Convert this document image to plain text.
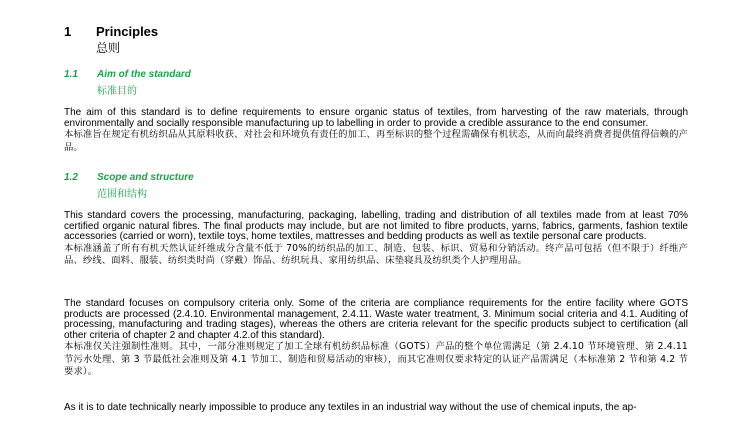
1 Principles
总则
1.1 Aim of the standard
标准目的

The aim of this standard is to define requirements to ensure organic status of textiles, from harvesting of the raw materials, through environmentally and socially responsible manufacturing up to labelling in order to provide a credible assurance to the end consumer.

本标准旨在规定有机纺织品从其原料收获、对社会和环境负有责任的加工、再至标识的整个过程需确保有机状态，从而向最终消费者提供值得信赖的产品。

1.2 Scope and structure
范围和结构

This standard covers the processing, manufacturing, packaging, labelling, trading and distribution of all textiles made from at least 70% certified organic natural fibres. The final products may include, but are not limited to fibre products, yarns, fabrics, garments, fashion textile accessories (carried or worn), textile toys, home textiles, mattresses and bedding products as well as textile personal care products.

本标准涵盖了所有有机天然认证纤维成分含量不低于 70%的纺织品的加工、制造、包装、标识、贸易和分销活动。终产品可包括（但不限于）纤维产品、纱线、面料、服装、纺织类时尚（穿戴）饰品、纺织玩具、家用纺织品、床垫寝具及纺织类个人护理用品。

The standard focuses on compulsory criteria only. Some of the criteria are compliance requirements for the entire facility where GOTS products are processed (2.4.10. Environmental management, 2.4.11. Waste water treatment, 3. Minimum social criteria and 4.1. Auditing of processing, manufacturing and trading stages), whereas the others are criteria relevant for the specific products subject to certification (all other criteria of chapter 2 and chapter 4.2.of this standard).

本标准仅关注强制性准则。其中，一部分准则规定了加工全球有机纺织品标准（GOTS）产品的整个单位需满足（第 2.4.10 节环境管理、第 2.4.11 节污水处理、第 3 节最低社会准则及第 4.1 节加工、制造和贸易活动的审核），而其它准则仅要求特定的认证产品需满足（本标准第 2 节和第 4.2 节要求）。

As it is to date technically nearly impossible to produce any textiles in an industrial way without the use of chemical inputs, the ap-
